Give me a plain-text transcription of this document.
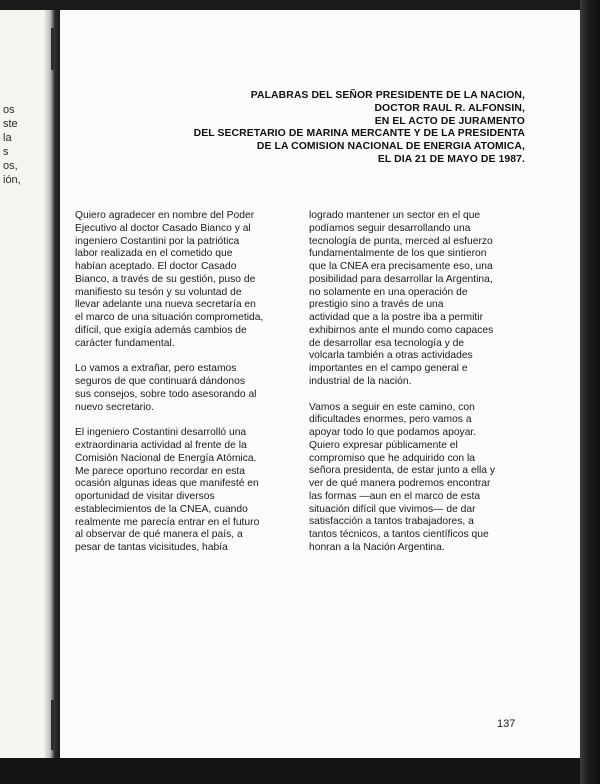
os
ste
la
s
os,
ión,
PALABRAS DEL SEÑOR PRESIDENTE DE LA NACION,
DOCTOR RAUL R. ALFONSIN,
EN EL ACTO DE JURAMENTO
DEL SECRETARIO DE MARINA MERCANTE Y DE LA PRESIDENTA
DE LA COMISION NACIONAL DE ENERGIA ATOMICA,
EL DIA 21 DE MAYO DE 1987.
Quiero agradecer en nombre del Poder
Ejecutivo al doctor Casado Bianco y al
ingeniero Costantini por la patriótica
labor realizada en el cometido que
habían aceptado. El doctor Casado
Bianco, a través de su gestión, puso de
manifiesto su tesón y su voluntad de
llevar adelante una nueva secretaría en
el marco de una situación comprometida,
difícil, que exigía además cambios de
carácter fundamental.
Lo vamos a extrañar, pero estamos
seguros de que continuará dándonos
sus consejos, sobre todo asesorando al
nuevo secretario.
El ingeniero Costantini desarrolló una
extraordinaria actividad al frente de la
Comisión Nacional de Energía Atómica.
Me parece oportuno recordar en esta
ocasión algunas ideas que manifesté en
oportunidad de visitar diversos
establecimientos de la CNEA, cuando
realmente me parecía entrar en el futuro
al observar de qué manera el país, a
pesar de tantas vicisitudes, había
logrado mantener un sector en el que
podíamos seguir desarrollando una
tecnología de punta, merced al esfuerzo
fundamentalmente de los que sintieron
que la CNEA era precisamente eso, una
posibilidad para desarrollar la Argentina,
no solamente en una operación de
prestigio sino a través de una
actividad que a la postre iba a permitir
exhibirnos ante el mundo como capaces
de desarrollar esa tecnología y de
volcarla también a otras actividades
importantes en el campo general e
industrial de la nación.
Vamos a seguir en este camino, con
dificultades enormes, pero vamos a
apoyar todo lo que podamos apoyar.
Quiero expresar públicamente el
compromiso que he adquirido con la
señora presidenta, de estar junto a ella y
ver de qué manera podremos encontrar
las formas —aun en el marco de esta
situación difícil que vivimos— de dar
satisfacción a tantos trabajadores, a
tantos técnicos, a tantos científicos que
honran a la Nación Argentina.
137
